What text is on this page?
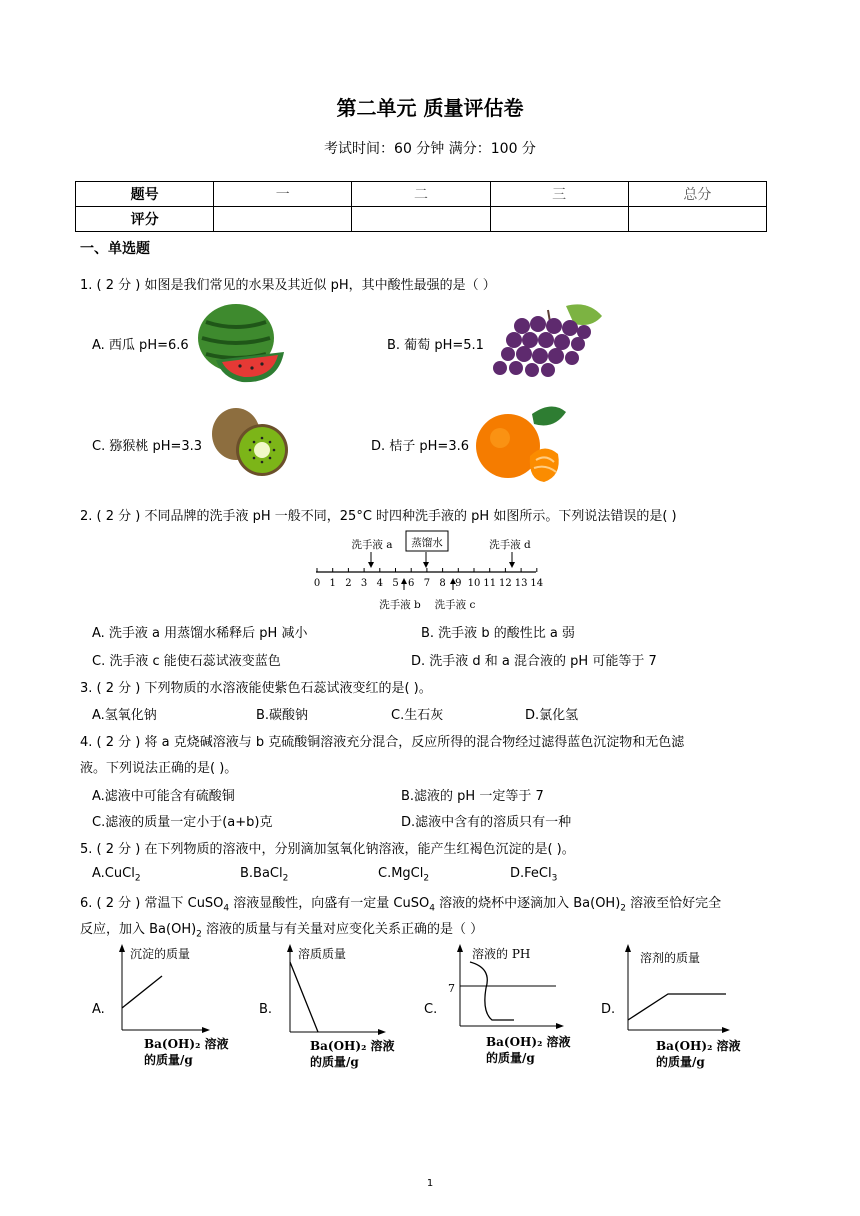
第二单元 质量评估卷
考试时间：60 分钟 满分：100 分
题号	一	二	三	总分
评分				
一、单选题
1. ( 2 分 ) 如图是我们常见的水果及其近似 pH，其中酸性最强的是（ ）
A. 西瓜 pH=6.6	B. 葡萄 pH=5.1
C. 猕猴桃 pH=3.3	D. 桔子 pH=3.6
2. ( 2 分 ) 不同品牌的洗手液 pH 一般不同，25°C 时四种洗手液的 pH 如图所示。下列说法错误的是( )
0 1 2 3 4 5 6 7 8 9 10 11 12 13 14
洗手液 a 蒸馏水	洗手液 d
洗手液 b 洗手液 c
A. 洗手液 a 用蒸馏水稀释后 pH 减小	B. 洗手液 b 的酸性比 a 弱
C. 洗手液 c 能使石蕊试液变蓝色	D. 洗手液 d 和 a 混合液的 pH 可能等于 7
3. ( 2 分 ) 下列物质的水溶液能使紫色石蕊试液变红的是( )。
A.氢氧化钠	B.碳酸钠	C.生石灰	D.氯化氢
4. ( 2 分 ) 将 a 克烧碱溶液与 b 克硫酸铜溶液充分混合，反应所得的混合物经过滤得蓝色沉淀物和无色滤
液。下列说法正确的是( )。
A.滤液中可能含有硫酸铜	B.滤液的 pH 一定等于 7
C.滤液的质量一定小于(a+b)克	D.滤液中含有的溶质只有一种
5. ( 2 分 ) 在下列物质的溶液中，分别滴加氢氧化钠溶液，能产生红褐色沉淀的是( )。
A.CuCl$_2$	B.BaCl$_2$	C.MgCl$_2$	D.FeCl$_3$
6. ( 2 分 ) 常温下 CuSO$_4$ 溶液显酸性，向盛有一定量 CuSO$_4$ 溶液的烧杯中逐滴加入 $Ba(OH)_2$ 溶液至恰好完全
反应，加入 $Ba(OH)_2$ 溶液的质量与有关量对应变化关系正确的是（ ）
A.
沉淀的质量
Ba(OH)₂ 溶液
的质量/g
B.
溶质质量
Ba(OH)₂ 溶液
的质量/g
C.
溶液的 PH
7
Ba(OH)₂ 溶液
的质量/g
D.
溶剂的质量
Ba(OH)₂ 溶液
的质量/g
1
